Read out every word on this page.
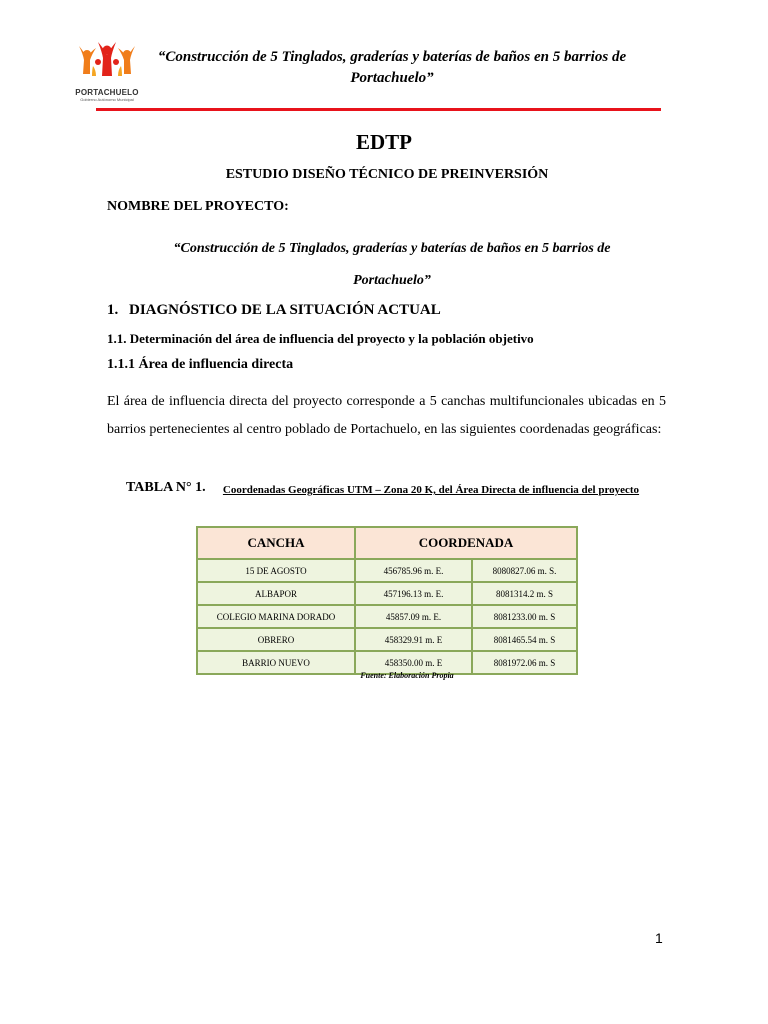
PORTACHUELO
Gobierno Autónomo Municipal
“Construcción de 5 Tinglados, graderías y baterías de baños en 5 barrios de Portachuelo”
EDTP
ESTUDIO DISEÑO TÉCNICO DE PREINVERSIÓN
NOMBRE DEL PROYECTO:
“Construcción de 5 Tinglados, graderías y baterías de baños en 5 barrios de Portachuelo”
1. DIAGNÓSTICO DE LA SITUACIÓN ACTUAL
1.1. Determinación del área de influencia del proyecto y la población objetivo
1.1.1 Área de influencia directa
El área de influencia directa del proyecto corresponde a 5 canchas multifuncionales ubicadas en 5 barrios pertenecientes al centro poblado de Portachuelo, en las siguientes coordenadas geográficas:
TABLA N° 1.	Coordenadas Geográficas UTM – Zona 20 K, del Área Directa de influencia del proyecto
CANCHA	COORDENADA	
15 DE AGOSTO	456785.96 m. E.	8080827.06 m. S.
ALBAPOR	457196.13 m. E.	8081314.2 m. S
COLEGIO MARINA DORADO	45857.09 m. E.	8081233.00 m. S
OBRERO	458329.91 m. E	8081465.54 m. S
BARRIO NUEVO	458350.00 m. E	8081972.06 m. S
Fuente: Elaboración Propia
1
